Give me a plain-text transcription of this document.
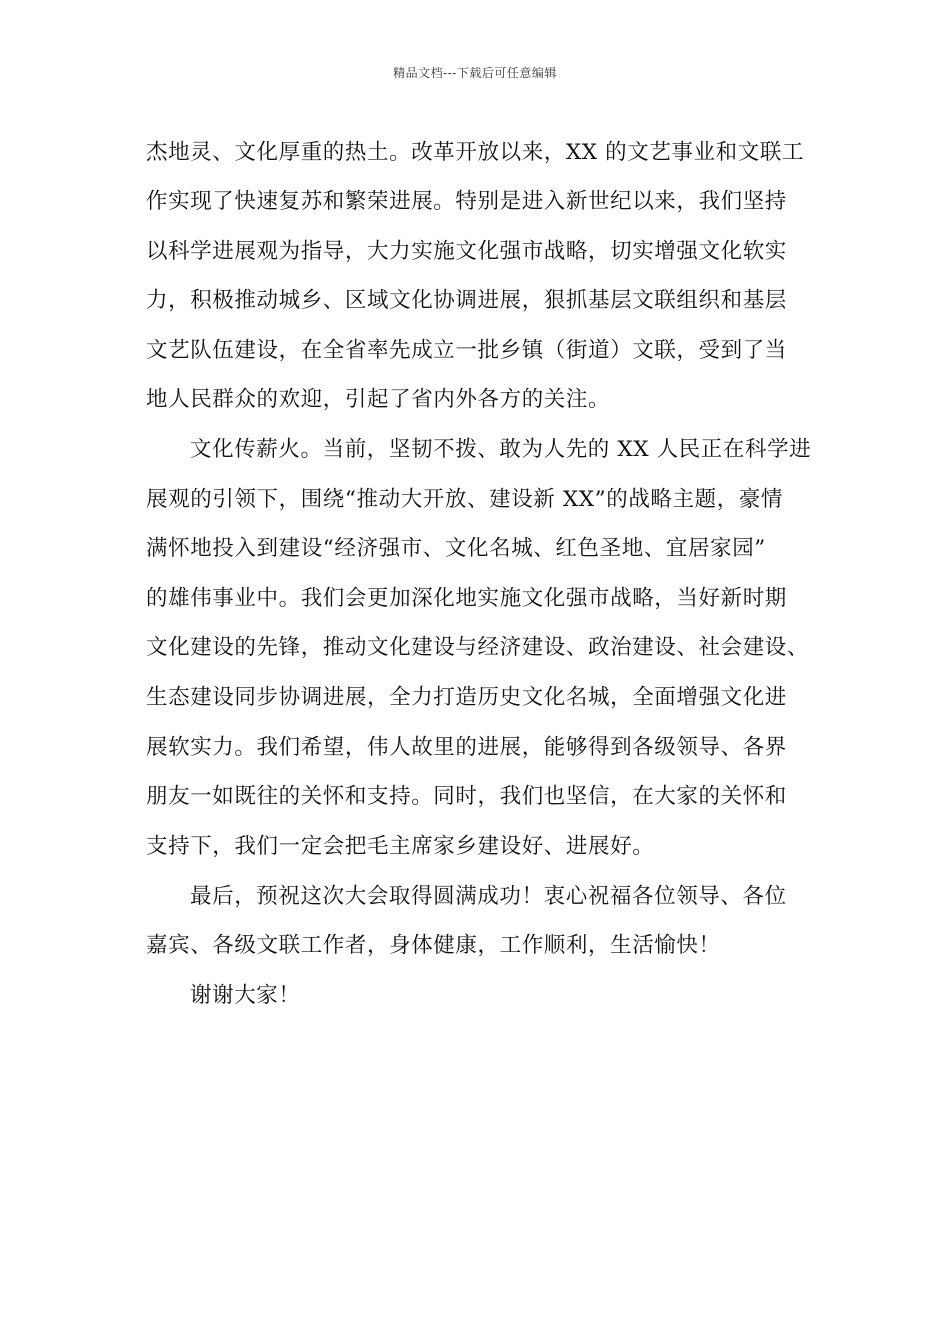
精品文档---下载后可任意编辑
杰地灵、文化厚重的热土。改革开放以来，XX 的文艺事业和文联工
作实现了快速复苏和繁荣进展。特别是进入新世纪以来，我们坚持
以科学进展观为指导，大力实施文化强市战略，切实增强文化软实
力，积极推动城乡、区域文化协调进展，狠抓基层文联组织和基层
文艺队伍建设，在全省率先成立一批乡镇（街道）文联，受到了当
地人民群众的欢迎，引起了省内外各方的关注。
文化传薪火。当前，坚韧不拨、敢为人先的 XX 人民正在科学进
展观的引领下，围绕“推动大开放、建设新 XX”的战略主题，豪情
满怀地投入到建设“经济强市、文化名城、红色圣地、宜居家园”
的雄伟事业中。我们会更加深化地实施文化强市战略，当好新时期
文化建设的先锋，推动文化建设与经济建设、政治建设、社会建设、
生态建设同步协调进展，全力打造历史文化名城，全面增强文化进
展软实力。我们希望，伟人故里的进展，能够得到各级领导、各界
朋友一如既往的关怀和支持。同时，我们也坚信，在大家的关怀和
支持下，我们一定会把毛主席家乡建设好、进展好。
最后，预祝这次大会取得圆满成功！衷心祝福各位领导、各位
嘉宾、各级文联工作者，身体健康，工作顺利，生活愉快！
谢谢大家！
